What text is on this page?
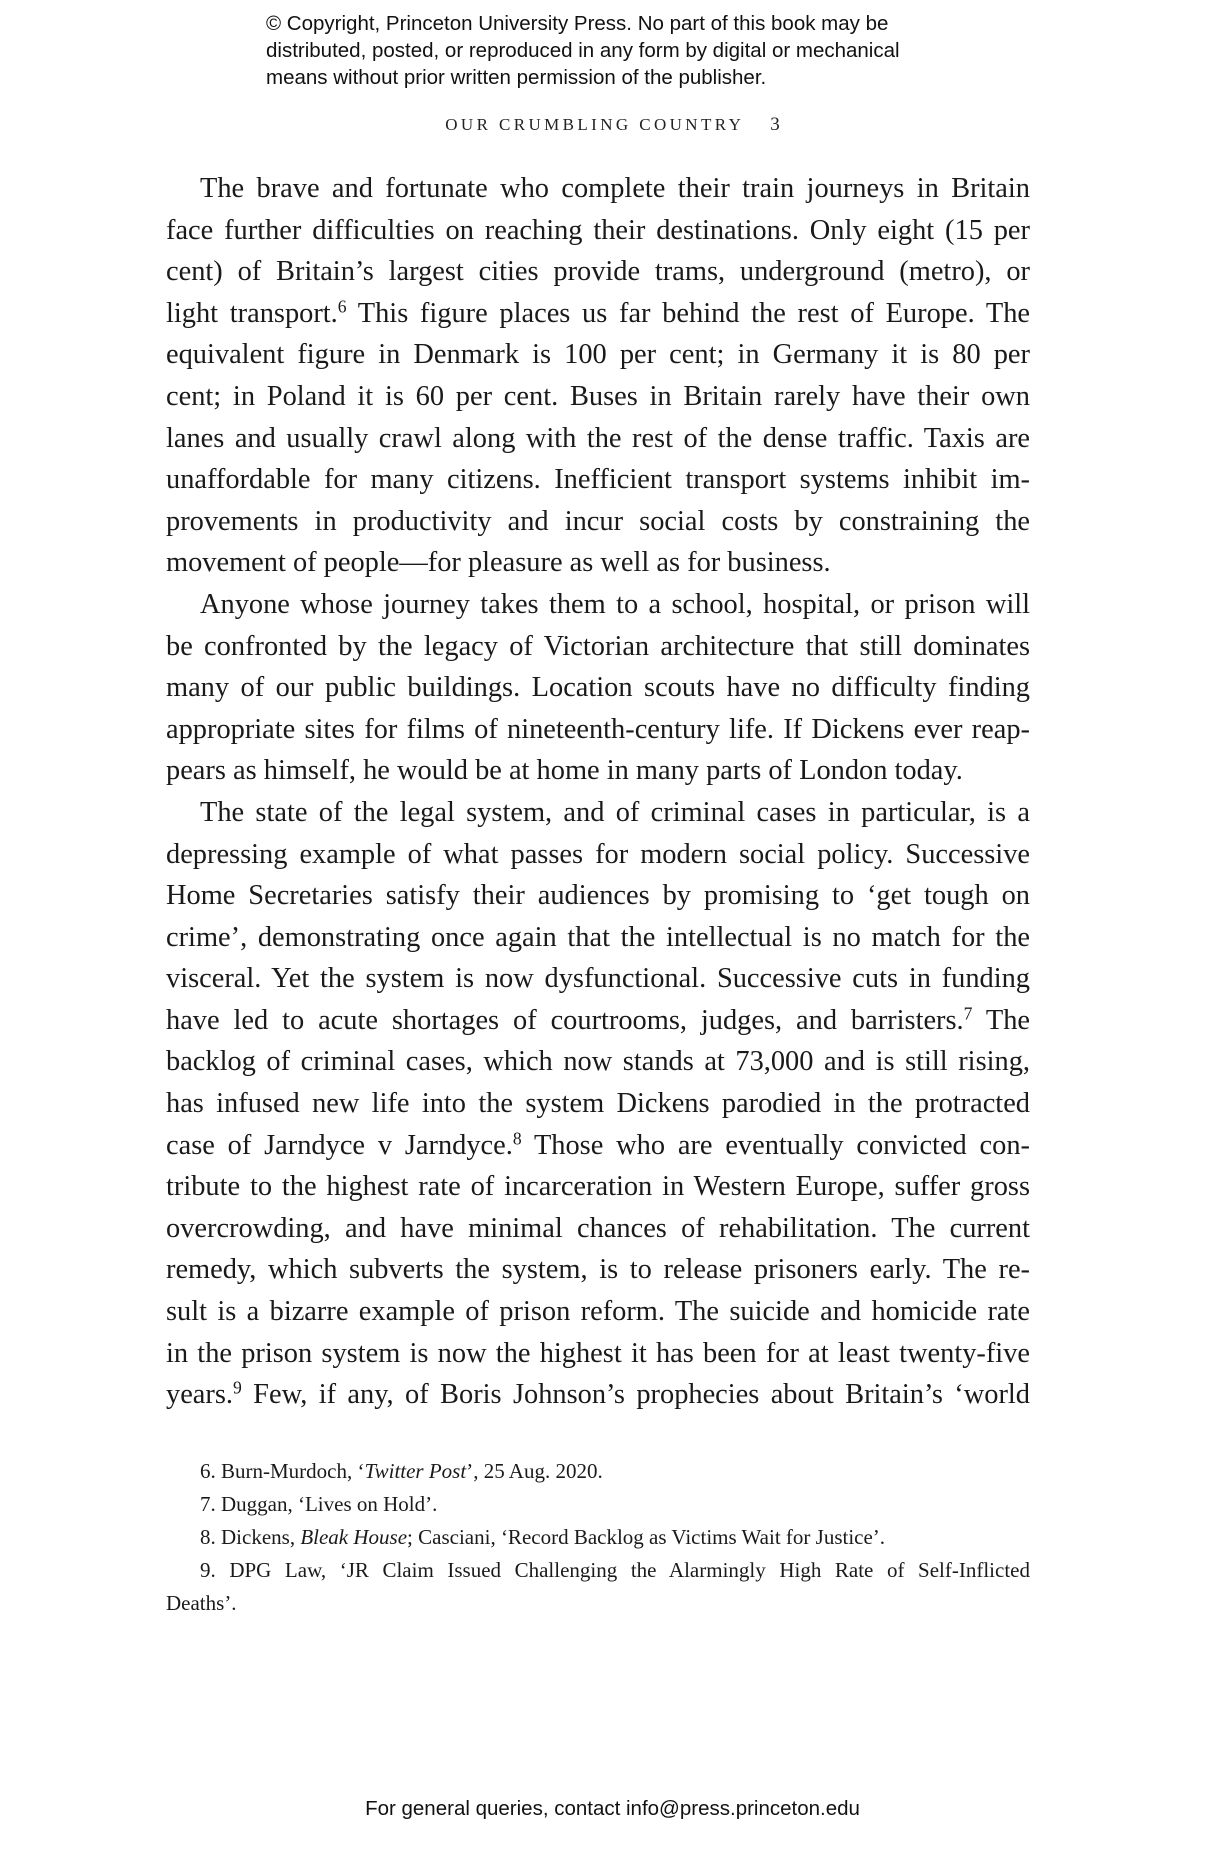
© Copyright, Princeton University Press. No part of this book may be
distributed, posted, or reproduced in any form by digital or mechanical
means without prior written permission of the publisher.
OUR CRUMBLING COUNTRY 3
The brave and fortunate who complete their train journeys in Britain
face further difficulties on reaching their destinations. Only eight (15 per
cent) of Britain’s largest cities provide trams, underground (metro), or
light transport.$^6$ This figure places us far behind the rest of Europe. The
equivalent figure in Denmark is 100 per cent; in Germany it is 80 per
cent; in Poland it is 60 per cent. Buses in Britain rarely have their own
lanes and usually crawl along with the rest of the dense traffic. Taxis are
unaffordable for many citizens. Inefficient transport systems inhibit im-
provements in productivity and incur social costs by constraining the
movement of people—for pleasure as well as for business.
Anyone whose journey takes them to a school, hospital, or prison will
be confronted by the legacy of Victorian architecture that still dominates
many of our public buildings. Location scouts have no difficulty finding
appropriate sites for films of nineteenth-century life. If Dickens ever reap-
pears as himself, he would be at home in many parts of London today.
The state of the legal system, and of criminal cases in particular, is a
depressing example of what passes for modern social policy. Successive
Home Secretaries satisfy their audiences by promising to ‘get tough on
crime’, demonstrating once again that the intellectual is no match for the
visceral. Yet the system is now dysfunctional. Successive cuts in funding
have led to acute shortages of courtrooms, judges, and barristers.$^7$ The
backlog of criminal cases, which now stands at 73,000 and is still rising,
has infused new life into the system Dickens parodied in the protracted
case of Jarndyce v Jarndyce.$^8$ Those who are eventually convicted con-
tribute to the highest rate of incarceration in Western Europe, suffer gross
overcrowding, and have minimal chances of rehabilitation. The current
remedy, which subverts the system, is to release prisoners early. The re-
sult is a bizarre example of prison reform. The suicide and homicide rate
in the prison system is now the highest it has been for at least twenty-five
years.$^9$ Few, if any, of Boris Johnson’s prophecies about Britain’s ‘world
6. Burn-Murdoch, ‘Twitter Post’, 25 Aug. 2020.
7. Duggan, ‘Lives on Hold’.
8. Dickens, Bleak House; Casciani, ‘Record Backlog as Victims Wait for Justice’.
9. DPG Law, ‘JR Claim Issued Challenging the Alarmingly High Rate of Self-Inflicted
Deaths’.
For general queries, contact info@press.princeton.edu
